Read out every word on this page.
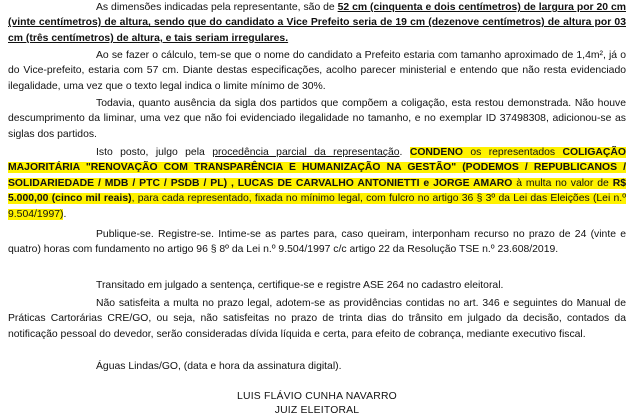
As dimensões indicadas pela representante, são de 52 cm (cinquenta e dois centímetros) de largura por 20 cm (vinte centímetros) de altura, sendo que do candidato a Vice Prefeito seria de 19 cm (dezenove centímetros) de altura por 03 cm (três centímetros) de altura, e tais seriam irregulares.

Ao se fazer o cálculo, tem-se que o nome do candidato a Prefeito estaria com tamanho aproximado de 1,4m², já o do Vice-prefeito, estaria com 57 cm. Diante destas especificações, acolho parecer ministerial e entendo que não resta evidenciado ilegalidade, uma vez que o texto legal indica o limite mínimo de 30%.

Todavia, quanto ausência da sigla dos partidos que compõem a coligação, esta restou demonstrada. Não houve descumprimento da liminar, uma vez que não foi evidenciado ilegalidade no tamanho, e no exemplar ID 37498308, adicionou-se as siglas dos partidos.

Isto posto, julgo pela procedência parcial da representação. CONDENO os representados COLIGAÇÃO MAJORITÁRIA "RENOVAÇÃO COM TRANSPARÊNCIA E HUMANIZAÇÃO NA GESTÃO" (PODEMOS / REPUBLICANOS / SOLIDARIEDADE / MDB / PTC / PSDB / PL) , LUCAS DE CARVALHO ANTONIETTI e JORGE AMARO à multa no valor de R$ 5.000,00 (cinco mil reais), para cada representado, fixada no mínimo legal, com fulcro no artigo 36 § 3º da Lei das Eleições (Lei n.º 9.504/1997).

Publique-se. Registre-se. Intime-se as partes para, caso queiram, interponham recurso no prazo de 24 (vinte e quatro) horas com fundamento no artigo 96 § 8º da Lei n.º 9.504/1997 c/c artigo 22 da Resolução TSE n.º 23.608/2019.

Transitado em julgado a sentença, certifique-se e registre ASE 264 no cadastro eleitoral.

Não satisfeita a multa no prazo legal, adotem-se as providências contidas no art. 346 e seguintes do Manual de Práticas Cartorárias CRE/GO, ou seja, não satisfeitas no prazo de trinta dias do trânsito em julgado da decisão, contados da notificação pessoal do devedor, serão consideradas dívida líquida e certa, para efeito de cobrança, mediante executivo fiscal.

Águas Lindas/GO, (data e hora da assinatura digital).

LUIS FLÁVIO CUNHA NAVARRO

JUIZ ELEITORAL
